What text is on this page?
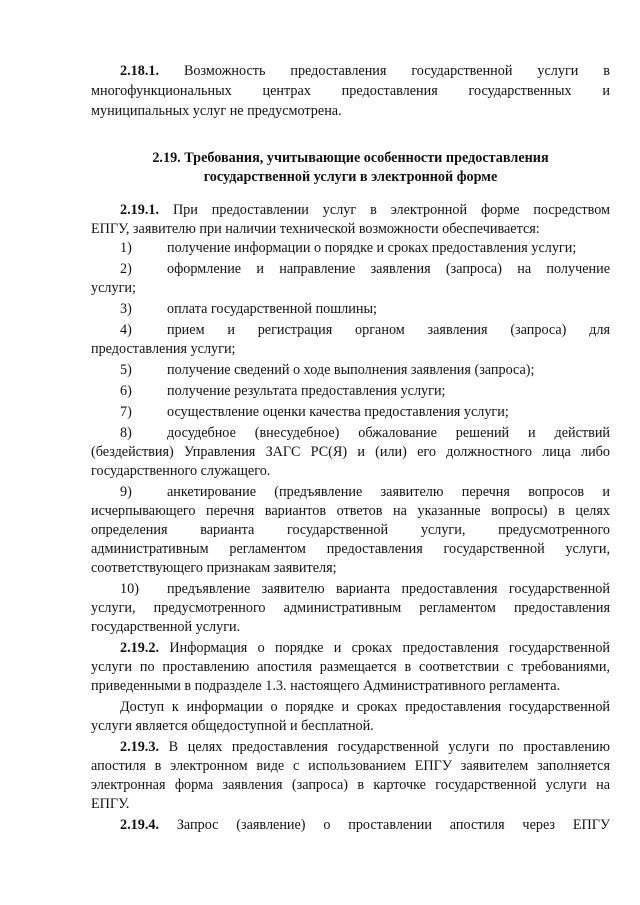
2.18.1. Возможность предоставления государственной услуги в
многофункциональных центрах предоставления государственных и
муниципальных услуг не предусмотрена.
2.19. Требования, учитывающие особенности предоставления
государственной услуги в электронной форме
2.19.1. При предоставлении услуг в электронной форме посредством
ЕПГУ, заявителю при наличии технической возможности обеспечивается:
1) получение информации о порядке и сроках предоставления услуги;
2) оформление и направление заявления (запроса) на получение
услуги;
3) оплата государственной пошлины;
4) прием и регистрация органом заявления (запроса) для
предоставления услуги;
5) получение сведений о ходе выполнения заявления (запроса);
6) получение результата предоставления услуги;
7) осуществление оценки качества предоставления услуги;
8) досудебное (внесудебное) обжалование решений и действий
(бездействия) Управления ЗАГС РС(Я) и (или) его должностного лица либо
государственного служащего.
9) анкетирование (предъявление заявителю перечня вопросов и
исчерпывающего перечня вариантов ответов на указанные вопросы) в целях
определения варианта государственной услуги, предусмотренного
административным регламентом предоставления государственной услуги,
соответствующего признакам заявителя;
10) предъявление заявителю варианта предоставления государственной
услуги, предусмотренного административным регламентом предоставления
государственной услуги.
2.19.2. Информация о порядке и сроках предоставления государственной
услуги по проставлению апостиля размещается в соответствии с требованиями,
приведенными в подразделе 1.3. настоящего Административного регламента.
Доступ к информации о порядке и сроках предоставления государственной
услуги является общедоступной и бесплатной.
2.19.3. В целях предоставления государственной услуги по проставлению
апостиля в электронном виде с использованием ЕПГУ заявителем заполняется
электронная форма заявления (запроса) в карточке государственной услуги на
ЕПГУ.
2.19.4. Запрос (заявление) о проставлении апостиля через ЕПГУ
